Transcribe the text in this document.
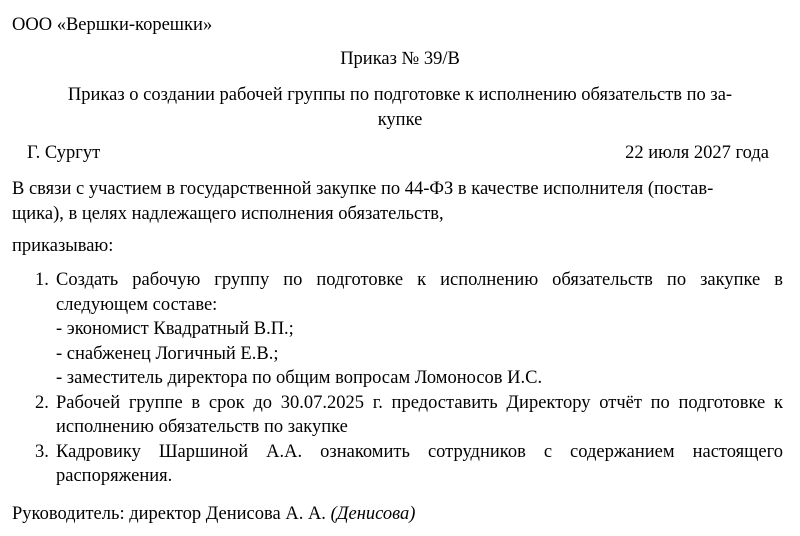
ООО «Вершки-корешки»
Приказ № 39/В
Приказ о создании рабочей группы по подготовке к исполнению обязательств по за-
купке
Г. Сургут	22 июля 2027 года
В связи с участием в государственной закупке по 44-ФЗ в качестве исполнителя (постав-
щика), в целях надлежащего исполнения обязательств,
приказываю:
1. Создать рабочую группу по подготовке к исполнению обязательств по закупке в следующем составе:
- экономист Квадратный В.П.;
- снабженец Логичный Е.В.;
- заместитель директора по общим вопросам Ломоносов И.С.
2. Рабочей группе в срок до 30.07.2025 г. предоставить Директору отчёт по подготовке к исполнению обязательств по закупке
3. Кадровику Шаршиной А.А. ознакомить сотрудников с содержанием настоящего распоряжения.
Руководитель: директор Денисова А. А. (Денисова)
